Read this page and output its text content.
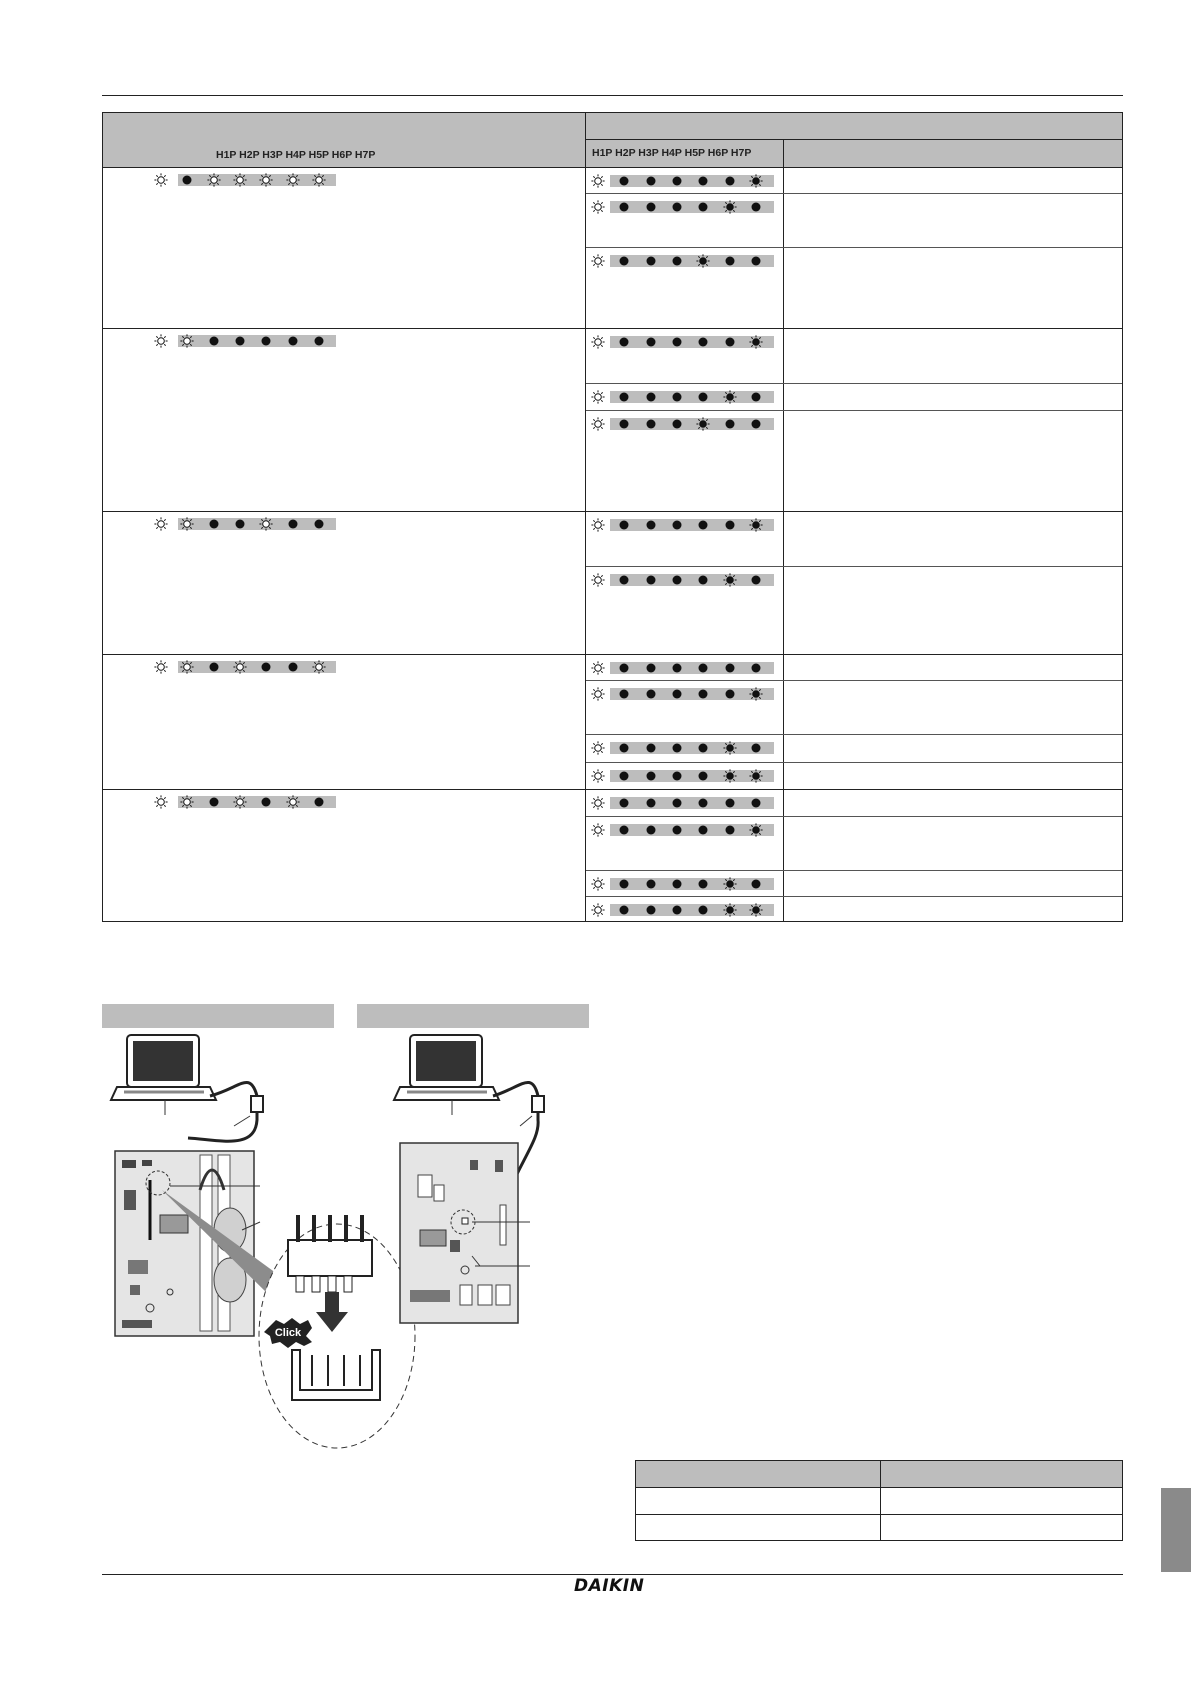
H1P H2P H3P H4P H5P H6P H7P	H1P H2P H3P H4P H5P H6P H7P
Click
DAIKIN
